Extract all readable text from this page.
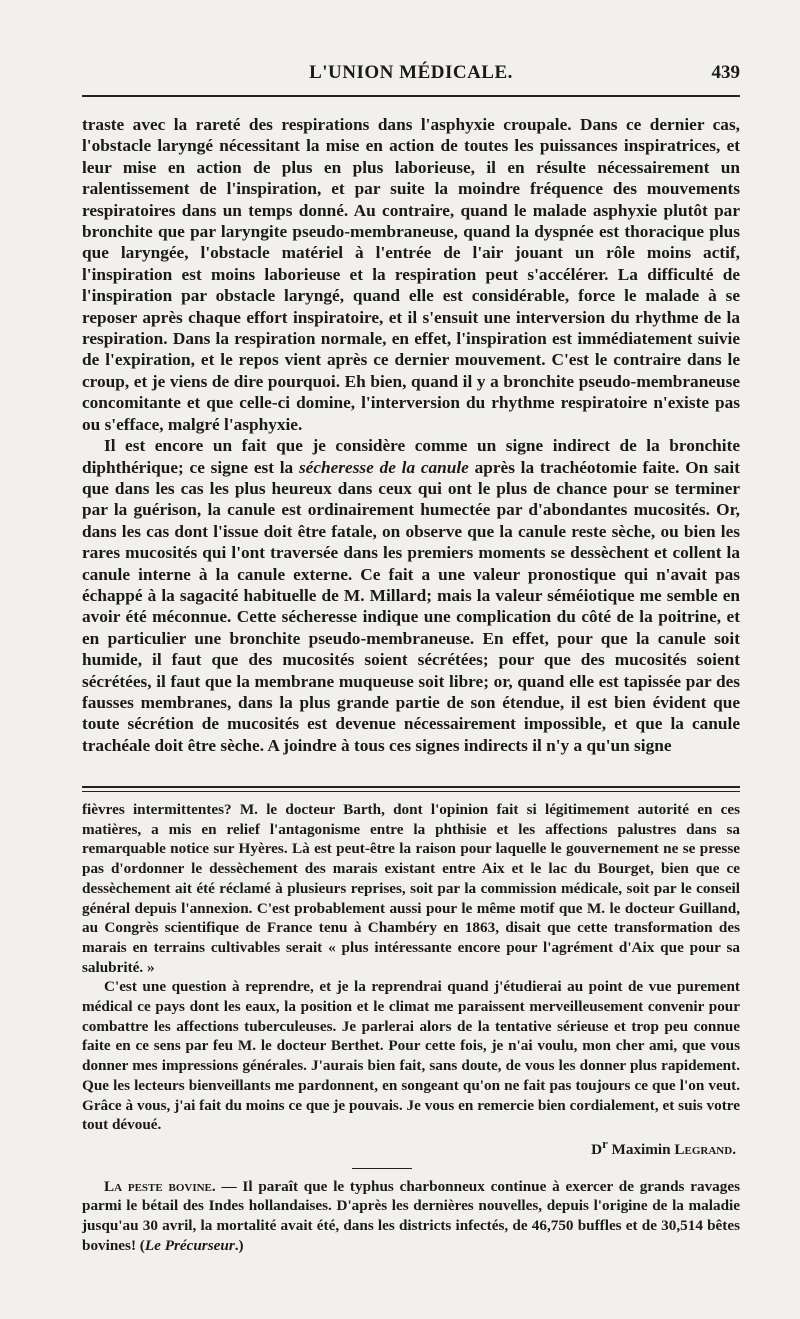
L'UNION MÉDICALE.	439

traste avec la rareté des respirations dans l'asphyxie croupale. Dans ce dernier cas, l'obstacle laryngé nécessitant la mise en action de toutes les puissances inspiratrices, et leur mise en action de plus en plus laborieuse, il en résulte nécessairement un ralentissement de l'inspiration, et par suite la moindre fréquence des mouvements respiratoires dans un temps donné. Au contraire, quand le malade asphyxie plutôt par bronchite que par laryngite pseudo-membraneuse, quand la dyspnée est thoracique plus que laryngée, l'obstacle matériel à l'entrée de l'air jouant un rôle moins actif, l'inspiration est moins laborieuse et la respiration peut s'accélérer. La difficulté de l'inspiration par obstacle laryngé, quand elle est considérable, force le malade à se reposer après chaque effort inspiratoire, et il s'ensuit une interversion du rhythme de la respiration. Dans la respiration normale, en effet, l'inspiration est immédiatement suivie de l'expiration, et le repos vient après ce dernier mouvement. C'est le contraire dans le croup, et je viens de dire pourquoi. Eh bien, quand il y a bronchite pseudo-membraneuse concomitante et que celle-ci domine, l'interversion du rhythme respiratoire n'existe pas ou s'efface, malgré l'asphyxie.

Il est encore un fait que je considère comme un signe indirect de la bronchite diphthérique; ce signe est la sécheresse de la canule après la trachéotomie faite. On sait que dans les cas les plus heureux dans ceux qui ont le plus de chance pour se terminer par la guérison, la canule est ordinairement humectée par d'abondantes mucosités. Or, dans les cas dont l'issue doit être fatale, on observe que la canule reste sèche, ou bien les rares mucosités qui l'ont traversée dans les premiers moments se dessèchent et collent la canule interne à la canule externe. Ce fait a une valeur pronostique qui n'avait pas échappé à la sagacité habituelle de M. Millard; mais la valeur séméiotique me semble en avoir été méconnue. Cette sécheresse indique une complication du côté de la poitrine, et en particulier une bronchite pseudo-membraneuse. En effet, pour que la canule soit humide, il faut que des mucosités soient sécrétées; pour que des mucosités soient sécrétées, il faut que la membrane muqueuse soit libre; or, quand elle est tapissée par des fausses membranes, dans la plus grande partie de son étendue, il est bien évident que toute sécrétion de mucosités est devenue nécessairement impossible, et que la canule trachéale doit être sèche. A joindre à tous ces signes indirects il n'y a qu'un signe

fièvres intermittentes? M. le docteur Barth, dont l'opinion fait si légitimement autorité en ces matières, a mis en relief l'antagonisme entre la phthisie et les affections palustres dans sa remarquable notice sur Hyères. Là est peut-être la raison pour laquelle le gouvernement ne se presse pas d'ordonner le dessèchement des marais existant entre Aix et le lac du Bourget, bien que ce dessèchement ait été réclamé à plusieurs reprises, soit par la commission médicale, soit par le conseil général depuis l'annexion. C'est probablement aussi pour le même motif que M. le docteur Guilland, au Congrès scientifique de France tenu à Chambéry en 1863, disait que cette transformation des marais en terrains cultivables serait « plus intéressante encore pour l'agrément d'Aix que pour sa salubrité. »

C'est une question à reprendre, et je la reprendrai quand j'étudierai au point de vue purement médical ce pays dont les eaux, la position et le climat me paraissent merveilleusement convenir pour combattre les affections tuberculeuses. Je parlerai alors de la tentative sérieuse et trop peu connue faite en ce sens par feu M. le docteur Berthet. Pour cette fois, je n'ai voulu, mon cher ami, que vous donner mes impressions générales. J'aurais bien fait, sans doute, de vous les donner plus rapidement. Que les lecteurs bienveillants me pardonnent, en songeant qu'on ne fait pas toujours ce que l'on veut. Grâce à vous, j'ai fait du moins ce que je pouvais. Je vous en remercie bien cordialement, et suis votre tout dévoué.

$D^r$ Maximin Legrand.

La peste bovine. — Il paraît que le typhus charbonneux continue à exercer de grands ravages parmi le bétail des Indes hollandaises. D'après les dernières nouvelles, depuis l'origine de la maladie jusqu'au 30 avril, la mortalité avait été, dans les districts infectés, de 46,750 buffles et de 30,514 bêtes bovines! (Le Précurseur.)
